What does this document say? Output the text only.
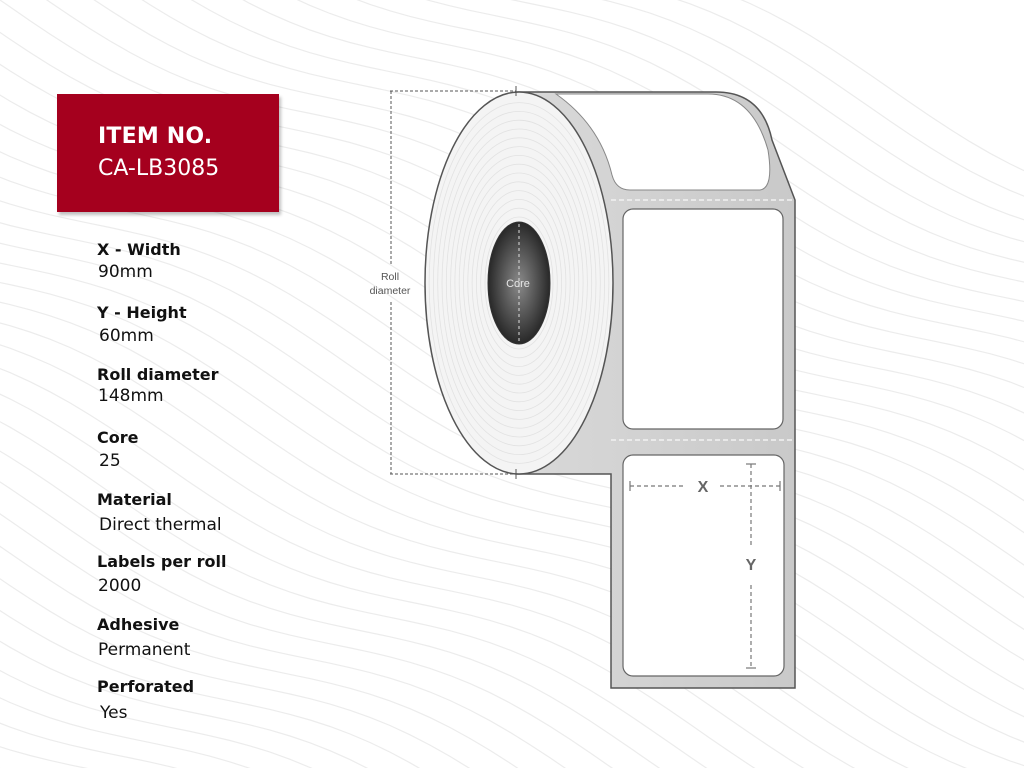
ITEM NO.
CA-LB3085
X - Width
90mm
Y - Height
60mm
Roll diameter
148mm
Core
25
Material
Direct thermal
Labels per roll
2000
Adhesive
Permanent
Perforated
Yes
Core
Roll
diameter
X
Y
